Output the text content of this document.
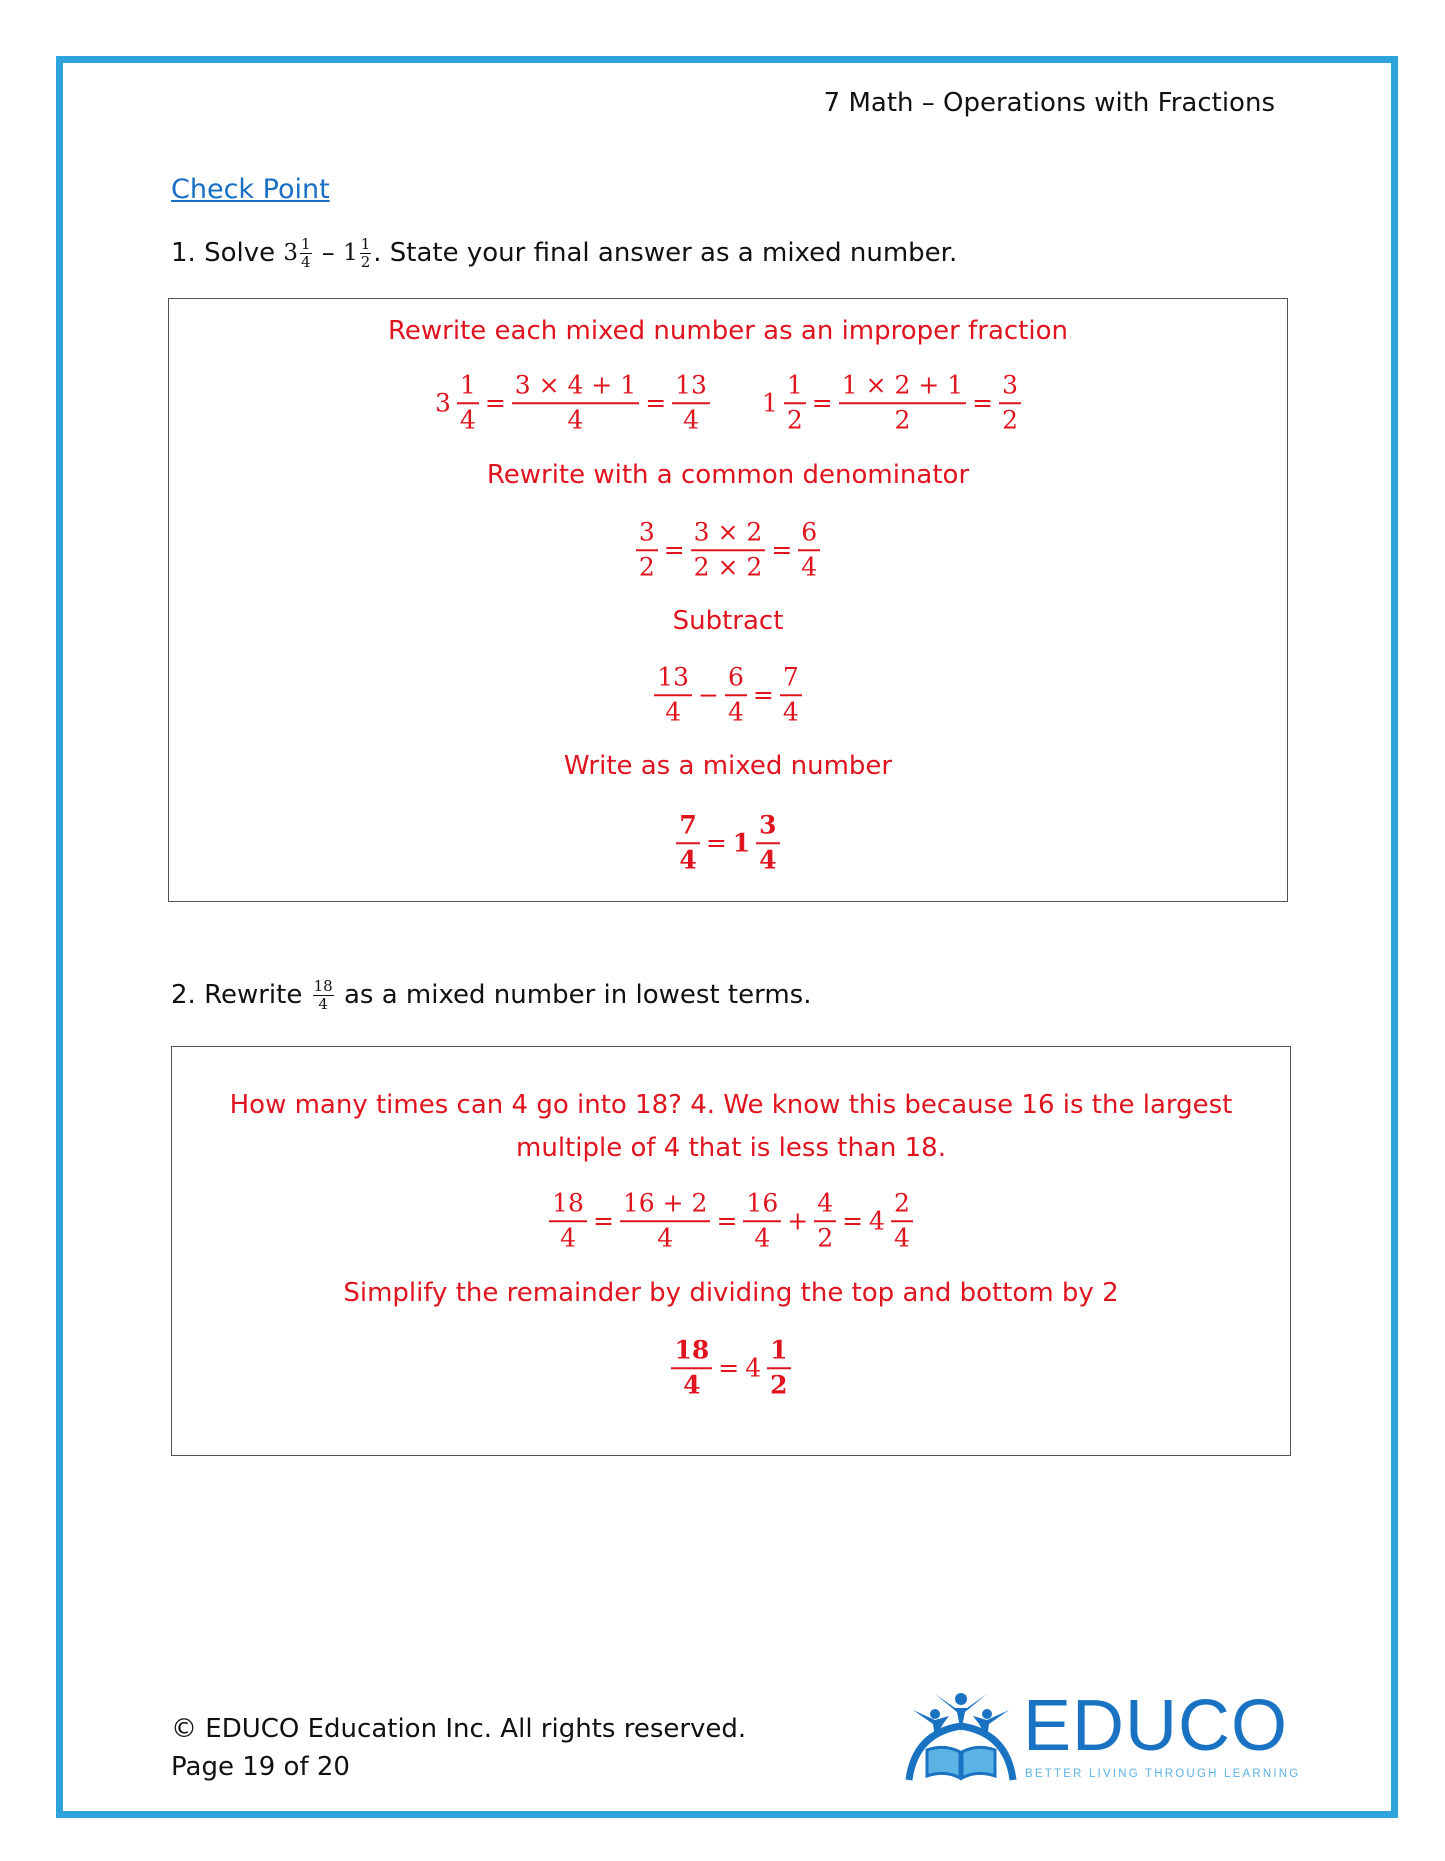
7 Math – Operations with Fractions
Check Point
1. Solve $3 \frac{1}{4} - 1 \frac{1}{2}$ . State your final answer as a mixed number.
Rewrite each mixed number as an improper fraction
$3 \frac{1}{4} = \frac{3 \times 4 + 1}{4} = \frac{13}{4} 1 \frac{1}{2} = \frac{1 \times 2 + 1}{2} = \frac{3}{2}$
Rewrite with a common denominator
$\frac{3}{2} = \frac{3 \times 2}{2 \times 2} = \frac{6}{4}$
Subtract
$\frac{13}{4} - \frac{6}{4} = \frac{7}{4}$
Write as a mixed number
$\frac{7}{4} = 1 \frac{3}{4}$
2. Rewrite $\frac{18}{4}$ as a mixed number in lowest terms.
How many times can 4 go into 18? 4. We know this because 16 is the largest
multiple of 4 that is less than 18.
$\frac{18}{4} = \frac{16 + 2}{4} = \frac{16}{4} + \frac{4}{2} = 4 \frac{2}{4}$
Simplify the remainder by dividing the top and bottom by 2
$\frac{18}{4} = 4 \frac{1}{2}$
© EDUCO Education Inc. All rights reserved.
Page 19 of 20
EDUCO
BETTER LIVING THROUGH LEARNING
